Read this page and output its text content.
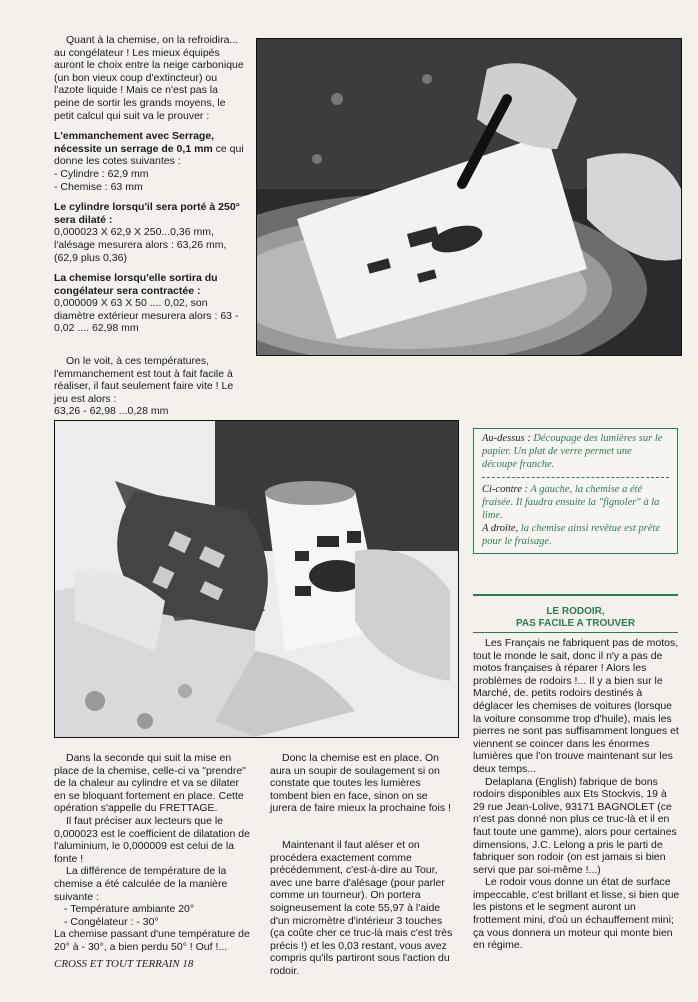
Quant à la chemise, on la refroidira... au congélateur ! Les mieux équipés auront le choix entre la neige carbonique (un bon vieux coup d'extincteur) ou l'azote liquide ! Mais ce n'est pas la peine de sortir les grands moyens, le petit calcul qui suit va le prouver :

L'emmanchement avec Serrage, nécessite un serrage de 0,1 mm ce qui donne les cotes suivantes :

- Cylindre : 62,9 mm

- Chemise : 63 mm

Le cylindre lorsqu'il sera porté à 250° sera dilaté :

0,000023 X 62,9 X 250...0,36 mm, l'alésage mesurera alors : 63,26 mm, (62,9 plus 0,36)

La chemise lorsqu'elle sortira du congélateur sera contractée :

0,000009 X 63 X 50 .... 0,02, son diamètre extérieur mesurera alors : 63 - 0,02 .... 62,98 mm

On le voit, à ces températures, l'emmanchement est tout à fait facile à réaliser, il faut seulement faire vite ! Le jeu est alors :

63,26 - 62,98 ...0,28 mm

Au-dessus : Découpage des lumières sur le papier. Un plat de verre permet une découpe franche.
Ci-contre : A gauche, la chemise a été fraisée. Il faudra ensuite la "fignoler" à la lime.
A droite, la chemise ainsi revêtue est prête pour le fraisage.
LE RODOIR,
PAS FACILE A TROUVER

Les Français ne fabriquent pas de motos, tout le monde le sait, donc il n'y a pas de motos françaises à réparer ! Alors les problèmes de rodoirs !... Il y a bien sur le Marché, de. petits rodoirs destinés à déglacer les chemises de voitures (lorsque la voiture consomme trop d'huile), mais les pierres ne sont pas suffisamment longues et viennent se coincer dans les énormes lumières que l'on trouve maintenant sur les deux temps...

Delaplana (English) fabrique de bons rodoirs disponibles aux Ets Stockvis, 19 à 29 rue Jean-Lolive, 93171 BAGNOLET (ce n'est pas donné non plus ce truc-là et il en faut toute une gamme), alors pour certaines dimensions, J.C. Lelong a pris le parti de fabriquer son rodoir (on est jamais si bien servi que par soi-même !...)

Le rodoir vous donne un état de surface impeccable, c'est brillant et lisse, si bien que les pistons et le segment auront un frottement mini, d'où un échauffement mini; ça vous donnera un moteur qui monte bien en régime.

Dans la seconde qui suit la mise en place de la chemise, celle-ci va "prendre" de la chaleur au cylindre et va se dilater en se bloquant fortement en place. Cette opération s'appelle du FRETTAGE.

Il faut préciser aux lecteurs que le 0,000023 est le coefficient de dilatation de l'aluminium, le 0,000009 est celui de la fonte !

La différence de température de la chemise a été calculée de la manière suivante :

- Température ambiante 20°
- Congélateur : - 30°

La chemise passant d'une température de 20° à - 30°, a bien perdu 50° ! Ouf !...

Donc la chemise est en place. On aura un soupir de soulagement si on constate que toutes les lumières tombent bien en face, sinon on se jurera de faire mieux la prochaine fois !

Maintenant il faut aléser et on procédera exactement comme précédemment, c'est-à-dire au Tour, avec une barre d'alésage (pour parler comme un tourneur). On portera soigneusement la cote 55,97 à l'aide d'un micromètre d'intérieur 3 touches (ça coûte cher ce truc-là mais c'est très précis !) et les 0,03 restant, vous avez compris qu'ils partiront sous l'action du rodoir.

CROSS ET TOUT TERRAIN 18
